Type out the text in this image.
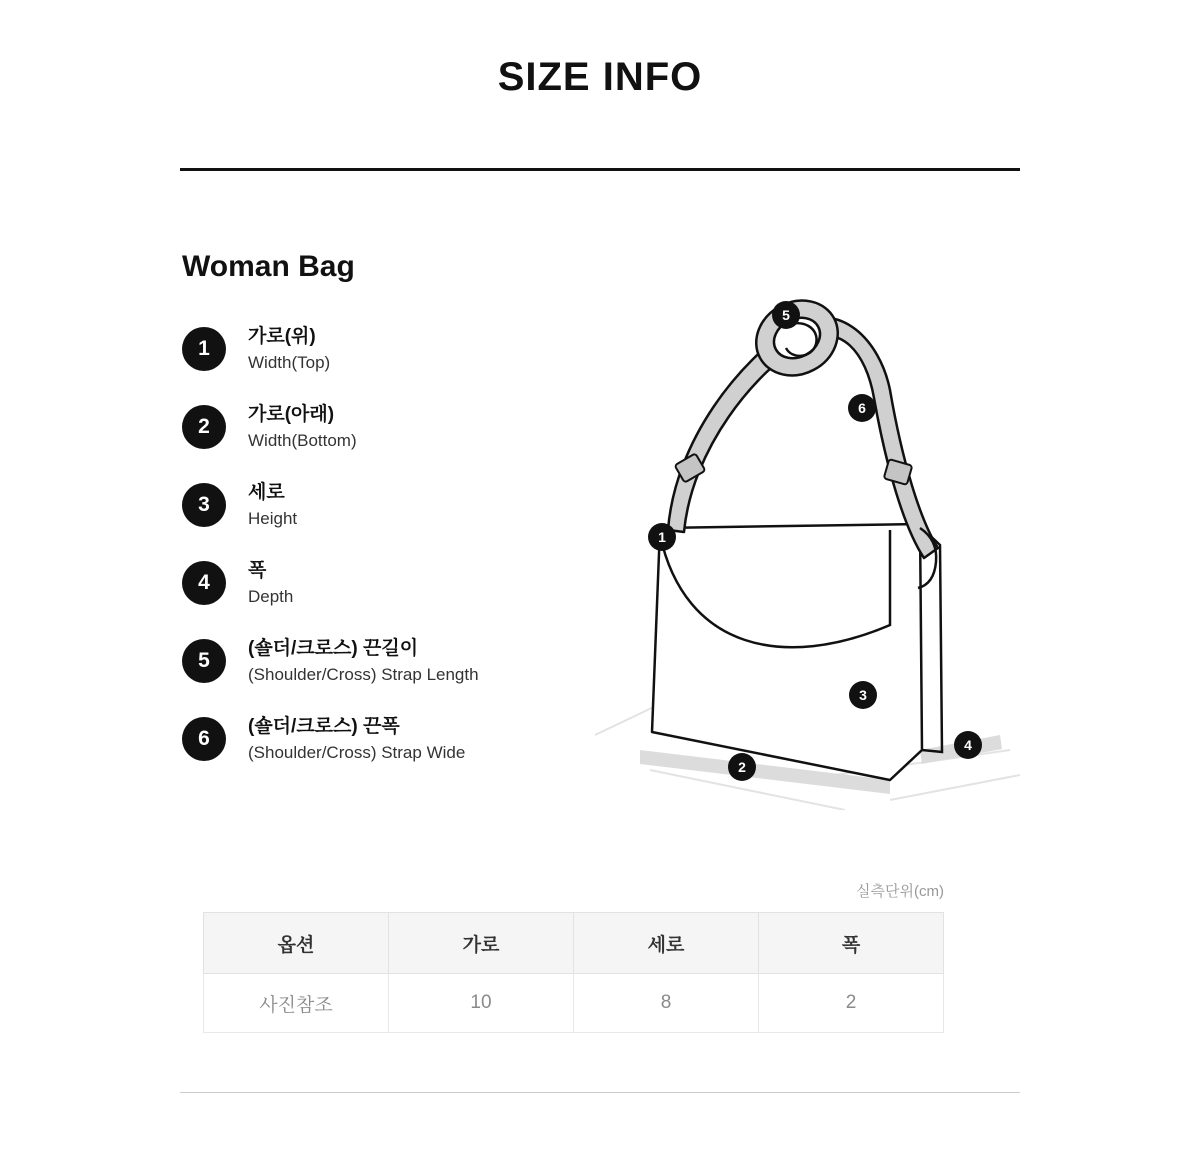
SIZE INFO
Woman Bag
1
가로(위)
Width(Top)
2
가로(아래)
Width(Bottom)
3
세로
Height
4
폭
Depth
5
(숄더/크로스) 끈길이
(Shoulder/Cross) Strap Length
6
(숄더/크로스) 끈폭
(Shoulder/Cross) Strap Wide
1
2
3
4
5
6
실측단위(cm)
옵션	가로	세로	폭
사진참조	10	8	2
